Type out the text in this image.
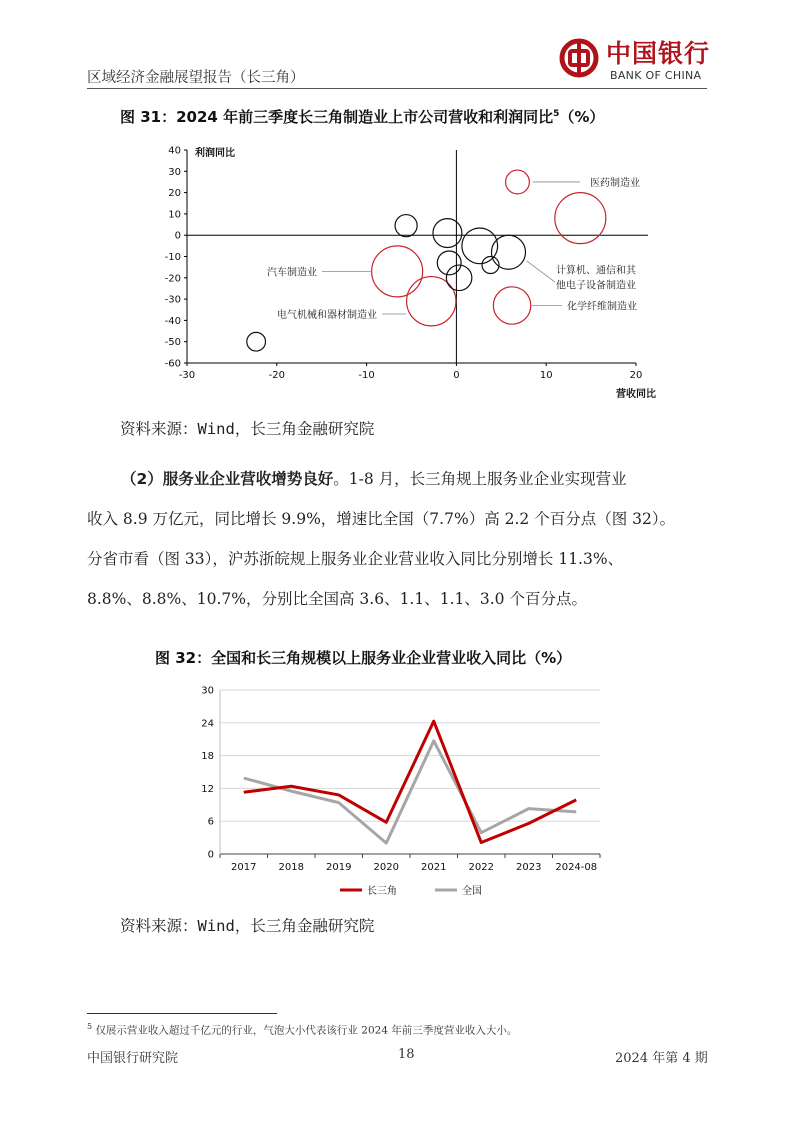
区域经济金融展望报告（长三角）
中国银行
BANK OF CHINA
图 31：2024 年前三季度长三角制造业上市公司营收和利润同比$^5$（%）
40
30
20
10
0
-10
-20
-30
-40
-50
-60
-30	-20	-10	0	10	20
利润同比
营收同比
医药制造业
计算机、通信和其
他电子设备制造业
化学纤维制造业
汽车制造业
电气机械和器材制造业
资料来源：Wind，长三角金融研究院

（2）服务业企业营收增势良好。1-8 月，长三角规上服务业企业实现营业

收入 8.9 万亿元，同比增长 9.9%，增速比全国（7.7%）高 2.2 个百分点（图 32）。

分省市看（图 33），沪苏浙皖规上服务业企业营业收入同比分别增长 11.3%、

8.8%、8.8%、10.7%，分别比全国高 3.6、1.1、1.1、3.0 个百分点。

图 32：全国和长三角规模以上服务业企业营业收入同比（%）
0
6
12
18
24
30
2017 2018 2019 2020 2021 2022 2023 2024-08
长三角	全国
资料来源：Wind，长三角金融研究院
$^5$ 仅展示营业收入超过千亿元的行业，气泡大小代表该行业 2024 年前三季度营业收入大小。
中国银行研究院	18	2024 年第 4 期
